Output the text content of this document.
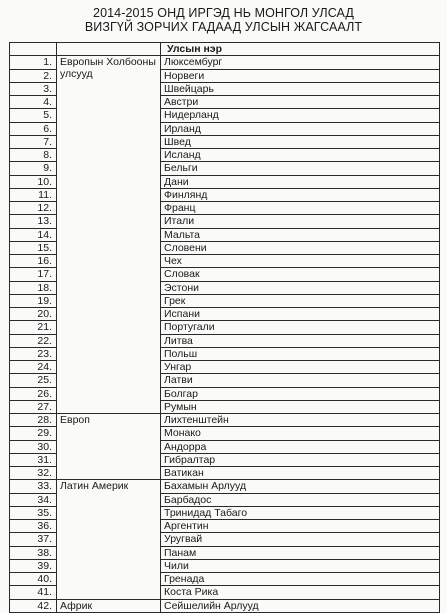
2014-2015 ОНД ИРГЭД НЬ МОНГОЛ УЛСАД
ВИЗГҮЙ ЗОРЧИХ ГАДААД УЛСЫН ЖАГСААЛТ
		Улсын нэр
1.	Европын Холбооны улсууд	Люксембург
2.		Норвеги
3.		Швейцарь
4.		Австри
5.		Нидерланд
6.		Ирланд
7.		Швед
8.		Исланд
9.		Бельги
10.		Дани
11.		Финлянд
12.		Франц
13.		Итали
14.		Мальта
15.		Словени
16.		Чех
17.		Словак
18.		Эстони
19.		Грек
20.		Испани
21.		Португали
22.		Литва
23.		Польш
24.		Унгар
25.		Латви
26.		Болгар
27.		Румын
28.	Европ	Лихтенштейн
29.		Монако
30.		Андорра
31.		Гибралтар
32.		Ватикан
33.	Латин Америк	Бахамын Арлууд
34.		Барбадос
35.		Тринидад Табаго
36.		Аргентин
37.		Уругвай
38.		Панам
39.		Чили
40.		Гренада
41.		Коста Рика
42.	Африк	Сейшелийн Арлууд
